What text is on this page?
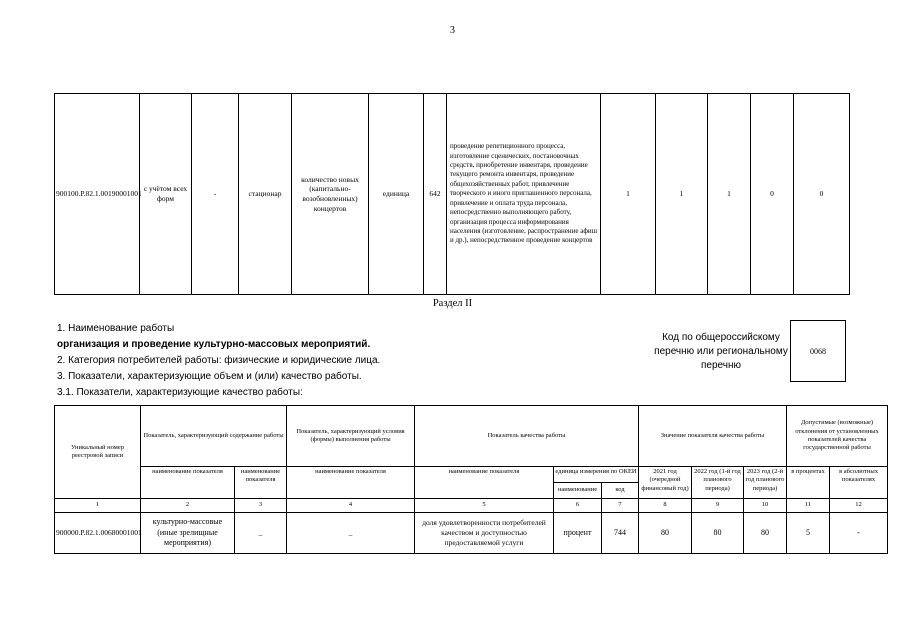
3
900100.Р.82.1.00190001001	с учётом всех форм	-	стационар	количество новых (капитально-возобновленных) концертов	единица	642	проведение репетиционного процесса, изготовление сценических, постановочных средств, приобретение инвентаря, проведение текущего ремонта инвентаря, проведение общехозяйственных работ, привлечение творческого и иного приглашенного персонала, привлечение и оплата труда персонала, непосредственно выполняющего работу, организация процесса информирования населения (изготовление, распространение афиш и др.), непосредственное проведение концертов	1	1	1	0	0
Раздел II
1. Наименование работы
организация и проведение культурно-массовых мероприятий.
2. Категория потребителей работы: физические и юридические лица.
3. Показатели, характеризующие объем и (или) качество работы.
3.1. Показатели, характеризующие качество работы:
Код по общероссийскому перечню или региональному перечню
0068
Уникальный номер реестровой записи	Показатель, характеризующий содержание работы		Показатель, характеризующий условия (формы) выполнения работы	Показатель качества работы			Значение показателя качества работы			Допустимые (возможные) отклонения от установленных показателей качества государственной работы	
	наименование показателя	наименование показателя	наименование показателя	наименование показателя	единица измерения по ОКЕИ		2021 год (очередной финансовый год)	2022 год (1-й год планового периода)	2023 год (2-й год планового периода)	в процентах	в абсолютных показателях
					наименование	код					
1	2	3	4	5	6	7	8	9	10	11	12
900000.Р.82.1.00680001001	культурно-массовые (иные зрелищные мероприятия)	_	_	доля удовлетворенности потребителей качеством и доступностью предоставляемой услуги	процент	744	80	80	80	5	-
